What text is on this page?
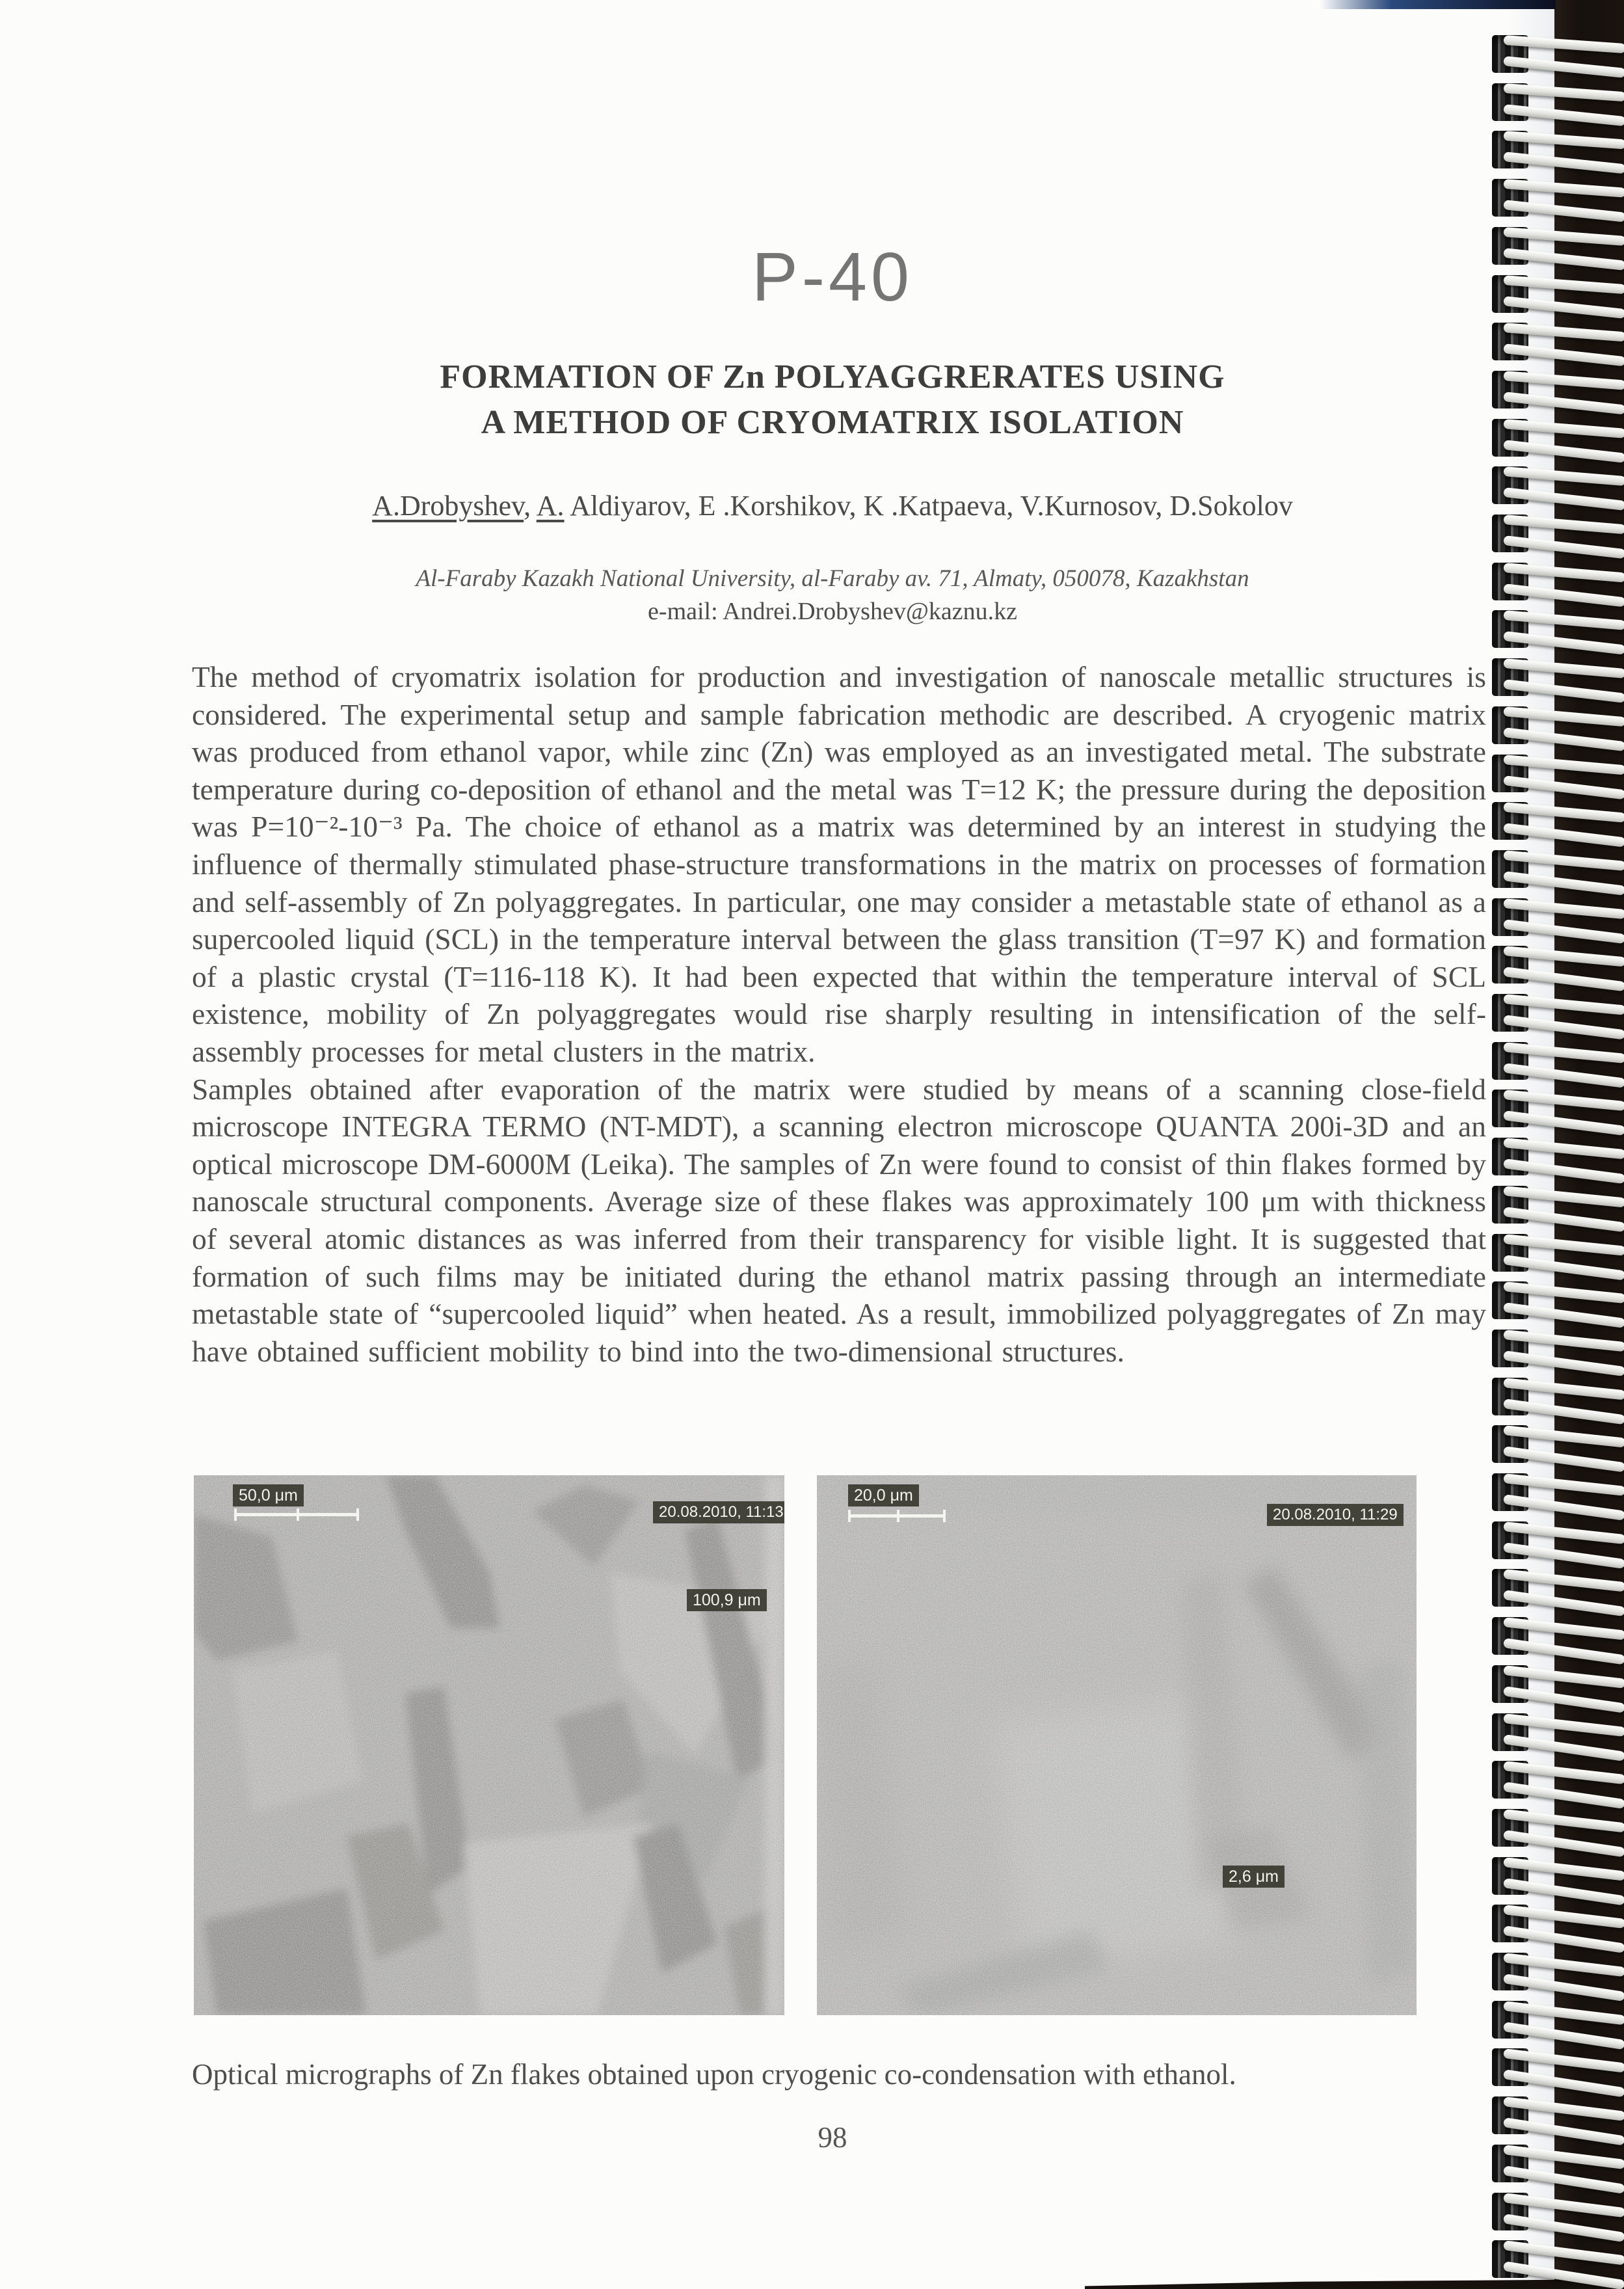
P-40
FORMATION OF Zn POLYAGGRERATES USING
A METHOD OF CRYOMATRIX ISOLATION
A.Drobyshev, A. Aldiyarov, E .Korshikov, K .Katpaeva, V.Kurnosov, D.Sokolov
Al-Faraby Kazakh National University, al-Faraby av. 71, Almaty, 050078, Kazakhstan
e-mail: Andrei.Drobyshev@kaznu.kz

The method of cryomatrix isolation for production and investigation of nanoscale metallic structures is considered. The experimental setup and sample fabrication methodic are described. A cryogenic matrix was produced from ethanol vapor, while zinc (Zn) was employed as an investigated metal. The substrate temperature during co-deposition of ethanol and the metal was T=12 K; the pressure during the deposition was P=10⁻²-10⁻³ Pa. The choice of ethanol as a matrix was determined by an interest in studying the influence of thermally stimulated phase-structure transformations in the matrix on processes of formation and self-assembly of Zn polyaggregates. In particular, one may consider a metastable state of ethanol as a supercooled liquid (SCL) in the temperature interval between the glass transition (T=97 K) and formation of a plastic crystal (T=116-118 K). It had been expected that within the temperature interval of SCL existence, mobility of Zn polyaggregates would rise sharply resulting in intensification of the self-assembly processes for metal clusters in the matrix.

Samples obtained after evaporation of the matrix were studied by means of a scanning close-field microscope INTEGRA TERMO (NT-MDT), a scanning electron microscope QUANTA 200i-3D and an optical microscope DM-6000M (Leika). The samples of Zn were found to consist of thin flakes formed by nanoscale structural components. Average size of these flakes was approximately 100 μm with thickness of several atomic distances as was inferred from their transparency for visible light. It is suggested that formation of such films may be initiated during the ethanol matrix passing through an intermediate metastable state of “supercooled liquid” when heated. As a result, immobilized polyaggregates of Zn may have obtained sufficient mobility to bind into the two-dimensional structures.

50,0 μm
20.08.2010, 11:13
100,9 μm
20,0 μm
20.08.2010, 11:29
2,6 μm
Optical micrographs of Zn flakes obtained upon cryogenic co-condensation with ethanol.
98
